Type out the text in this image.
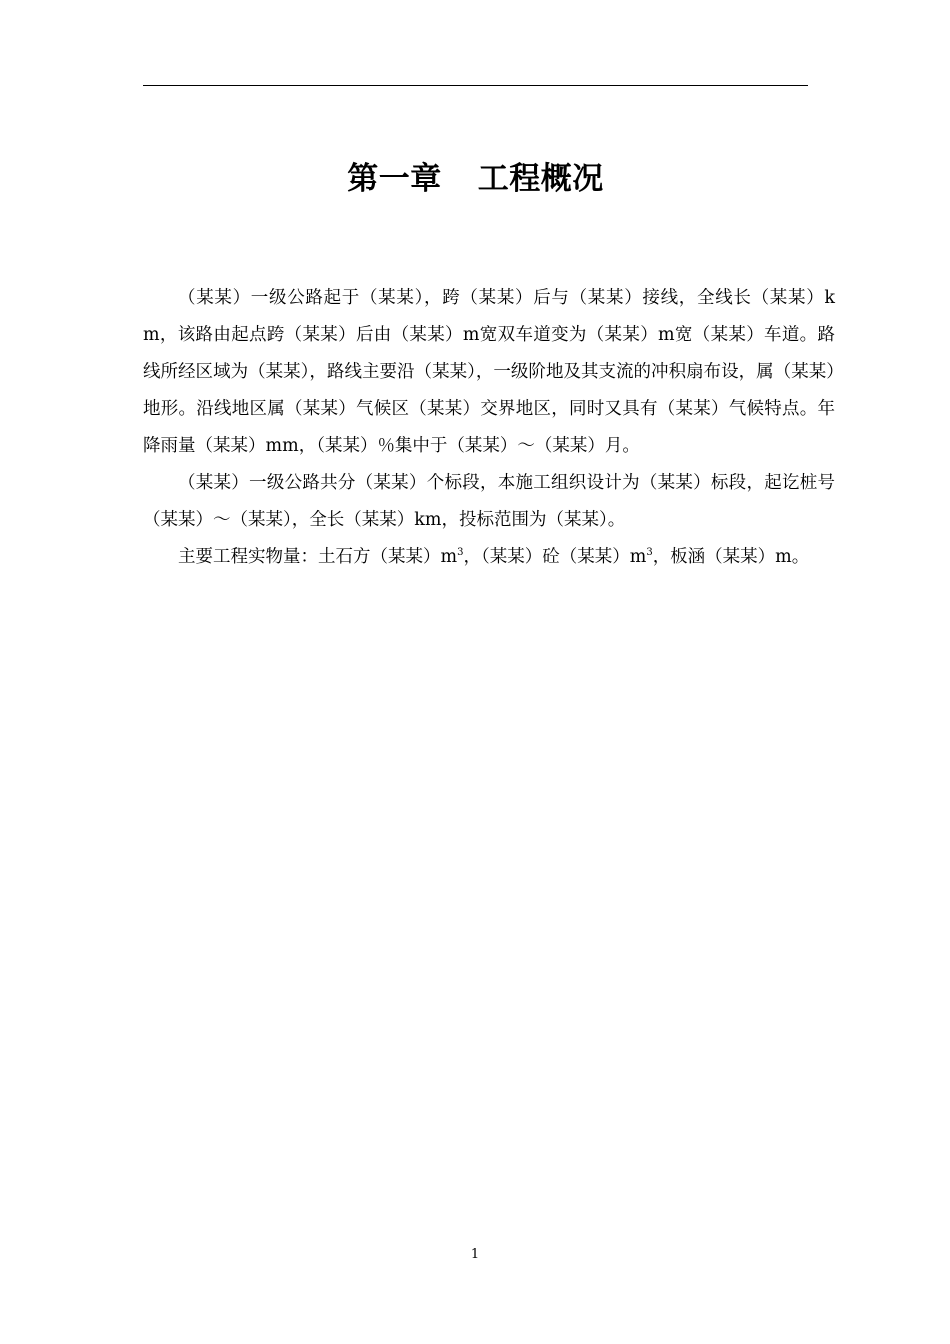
第一章 工程概况

（某某）一级公路起于（某某），跨（某某）后与（某某）接线，全线长（某某）km，该路由起点跨（某某）后由（某某）m宽双车道变为（某某）m宽（某某）车道。路线所经区域为（某某），路线主要沿（某某），一级阶地及其支流的冲积扇布设，属（某某）地形。沿线地区属（某某）气候区（某某）交界地区，同时又具有（某某）气候特点。年降雨量（某某）mm，（某某）％集中于（某某）～（某某）月。

（某某）一级公路共分（某某）个标段，本施工组织设计为（某某）标段，起讫桩号（某某）～（某某），全长（某某）km，投标范围为（某某）。

主要工程实物量：土石方（某某）$m^3$，（某某）砼（某某）$m^3$，板涵（某某）m。

1
